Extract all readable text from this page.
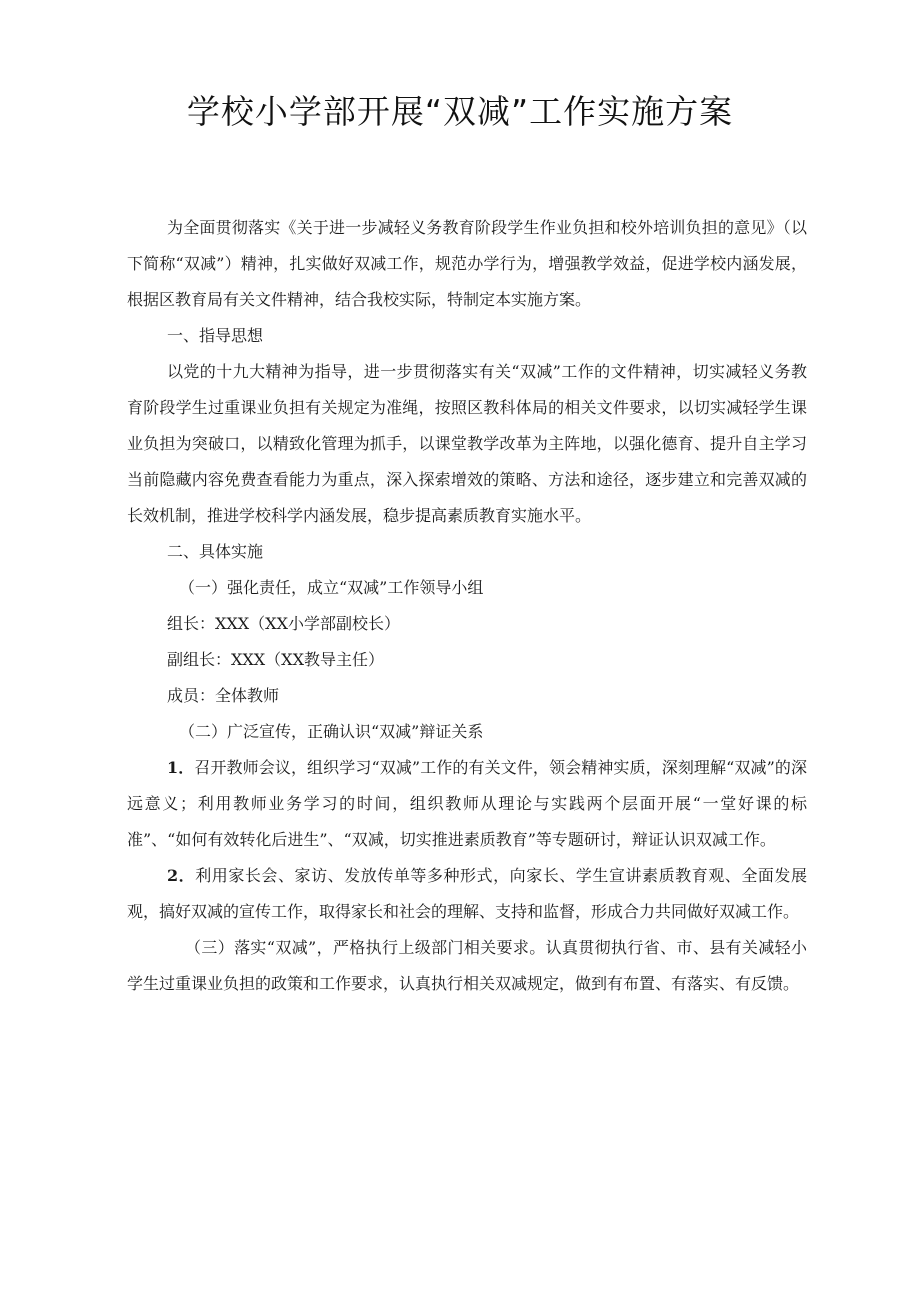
学校小学部开展“双减”工作实施方案

为全面贯彻落实《关于进一步减轻义务教育阶段学生作业负担和校外培训负担的意见》（以下简称“双减”）精神，扎实做好双减工作，规范办学行为，增强教学效益，促进学校内涵发展，根据区教育局有关文件精神，结合我校实际，特制定本实施方案。

一、指导思想

以党的十九大精神为指导，进一步贯彻落实有关“双减”工作的文件精神，切实减轻义务教育阶段学生过重课业负担有关规定为准绳，按照区教科体局的相关文件要求，以切实减轻学生课业负担为突破口，以精致化管理为抓手，以课堂教学改革为主阵地，以强化德育、提升自主学习当前隐藏内容免费查看能力为重点，深入探索增效的策略、方法和途径，逐步建立和完善双减的长效机制，推进学校科学内涵发展，稳步提高素质教育实施水平。

二、具体实施

（一）强化责任，成立“双减”工作领导小组

组长：XXX（XX小学部副校长）

副组长：XXX（XX教导主任）

成员：全体教师

（二）广泛宣传，正确认识“双减”辩证关系

1．召开教师会议，组织学习“双减”工作的有关文件，领会精神实质，深刻理解“双减”的深远意义；利用教师业务学习的时间，组织教师从理论与实践两个层面开展“一堂好课的标准”、“如何有效转化后进生”、“双减，切实推进素质教育”等专题研讨，辩证认识双减工作。

2．利用家长会、家访、发放传单等多种形式，向家长、学生宣讲素质教育观、全面发展观，搞好双减的宣传工作，取得家长和社会的理解、支持和监督，形成合力共同做好双减工作。

（三）落实“双减”，严格执行上级部门相关要求。认真贯彻执行省、市、县有关减轻小学生过重课业负担的政策和工作要求，认真执行相关双减规定，做到有布置、有落实、有反馈。
